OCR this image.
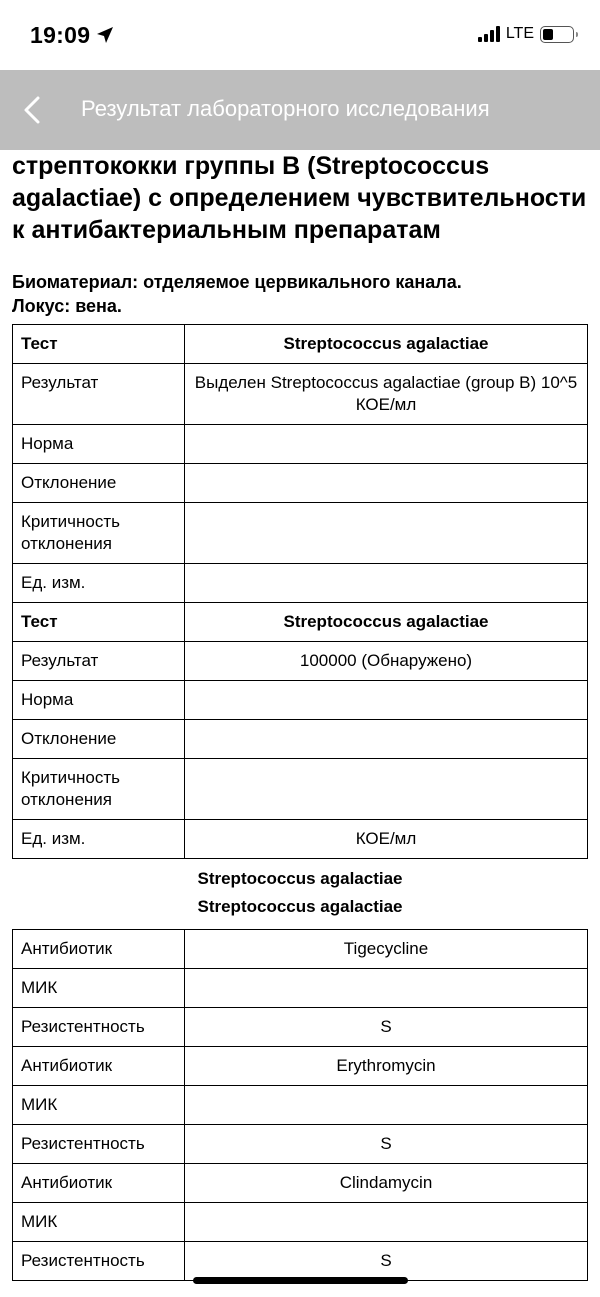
19:09	LTE
Результат лабораторного исследования
стрептококки группы В (Streptococcus agalactiae) с определением чувствительности к антибактериальным препаратам
Биоматериал: отделяемое цервикального канала.
Локус: вена.
Тест	Streptococcus agalactiae
Результат	Выделен Streptococcus agalactiae (group B) 10^5 КОЕ/мл
Норма	
Отклонение	
Критичность отклонения	
Ед. изм.	
Тест	Streptococcus agalactiae
Результат	100000 (Обнаружено)
Норма	
Отклонение	
Критичность отклонения	
Ед. изм.	КОЕ/мл
Streptococcus agalactiae
Streptococcus agalactiae
Антибиотик	Tigecycline
МИК	
Резистентность	S
Антибиотик	Erythromycin
МИК	
Резистентность	S
Антибиотик	Clindamycin
МИК	
Резистентность	S
